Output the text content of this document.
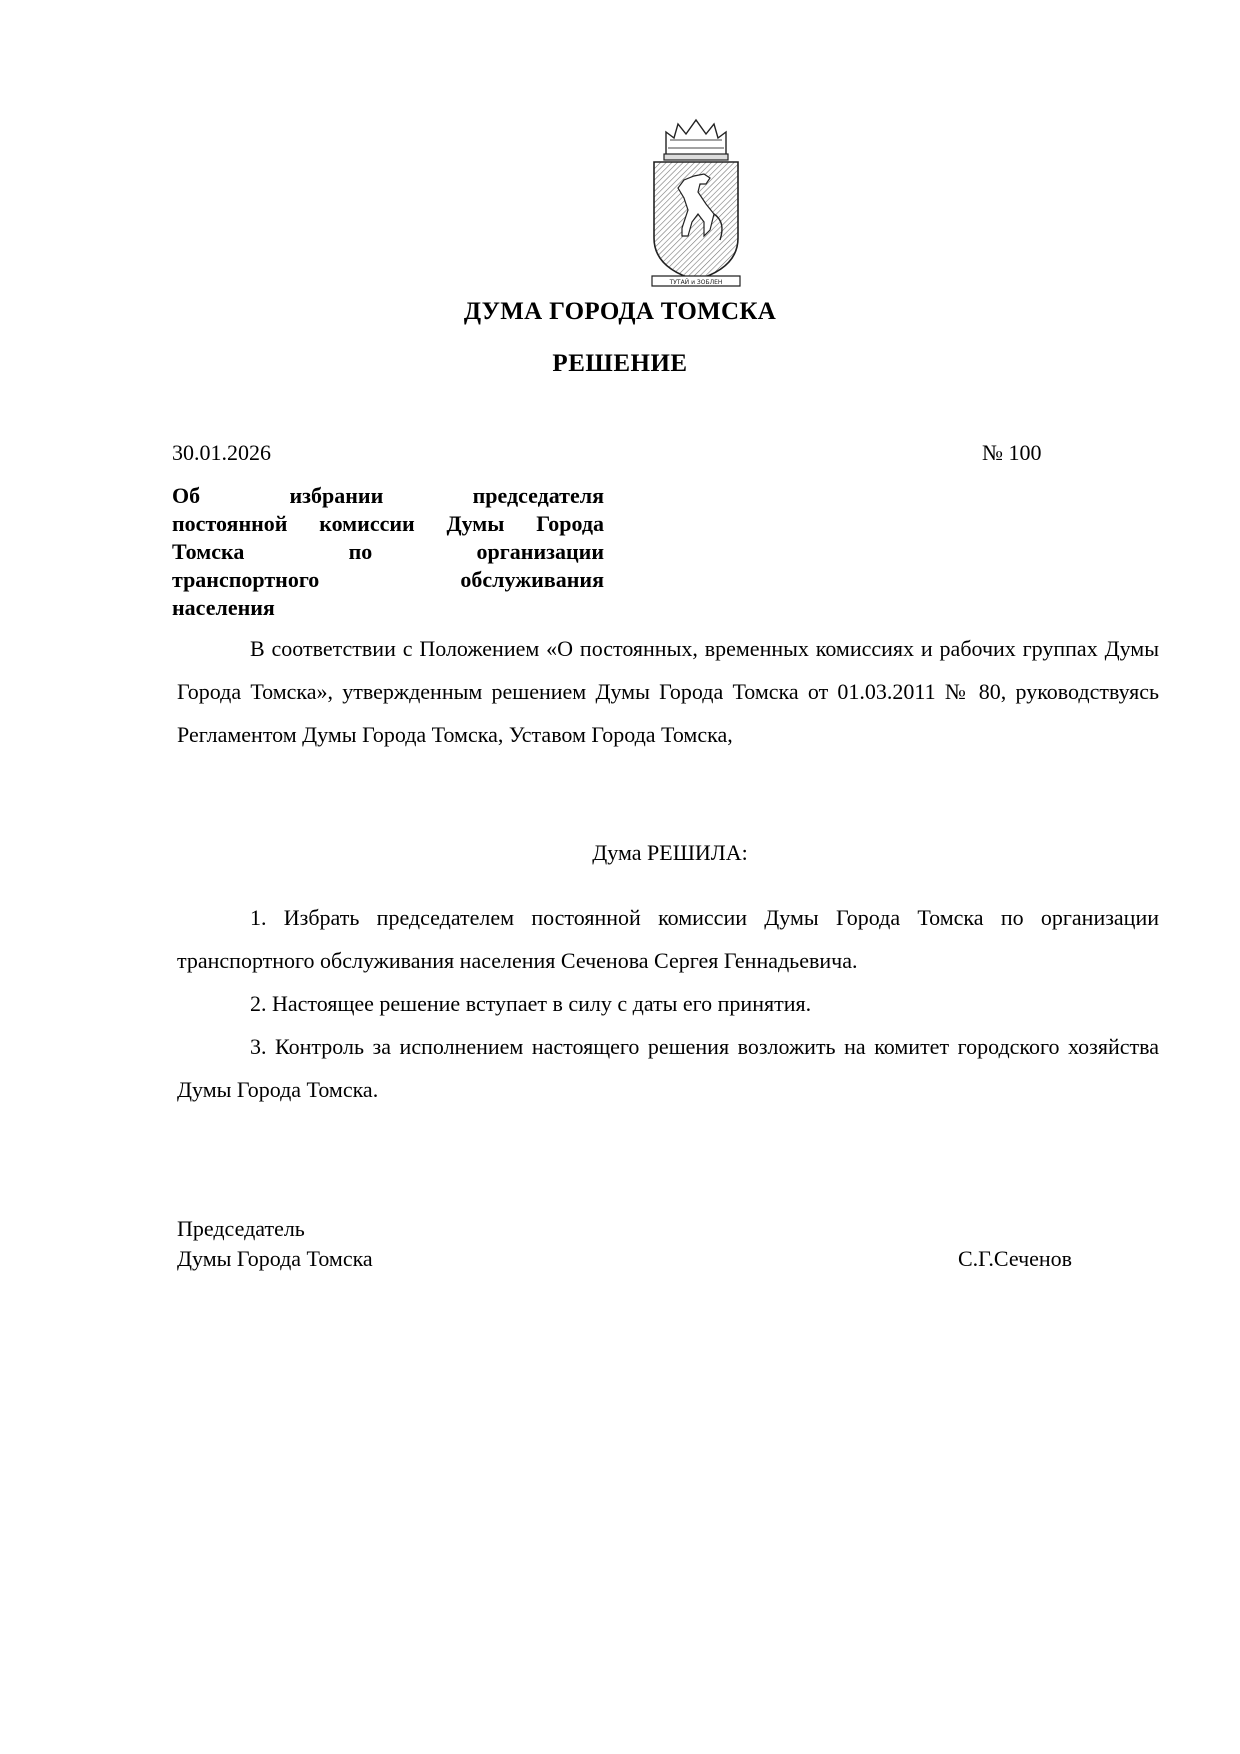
ТУТАЙ и ЗОБЛЕН
ДУМА ГОРОДА ТОМСКА
РЕШЕНИЕ
30.01.2026	№ 100
Об избрании председателя
постоянной комиссии Думы Города
Томска по организации
транспортного обслуживания
населения

В соответствии с Положением «О постоянных, временных комиссиях и рабочих группах Думы Города Томска», утвержденным решением Думы Города Томска от 01.03.2011 № 80, руководствуясь Регламентом Думы Города Томска, Уставом Города Томска,

Дума РЕШИЛА:

1. Избрать председателем постоянной комиссии Думы Города Томска по организации транспортного обслуживания населения Сеченова Сергея Геннадьевича.

2. Настоящее решение вступает в силу с даты его принятия.

3. Контроль за исполнением настоящего решения возложить на комитет городского хозяйства Думы Города Томска.

Председатель
Думы Города Томска	С.Г.Сеченов
